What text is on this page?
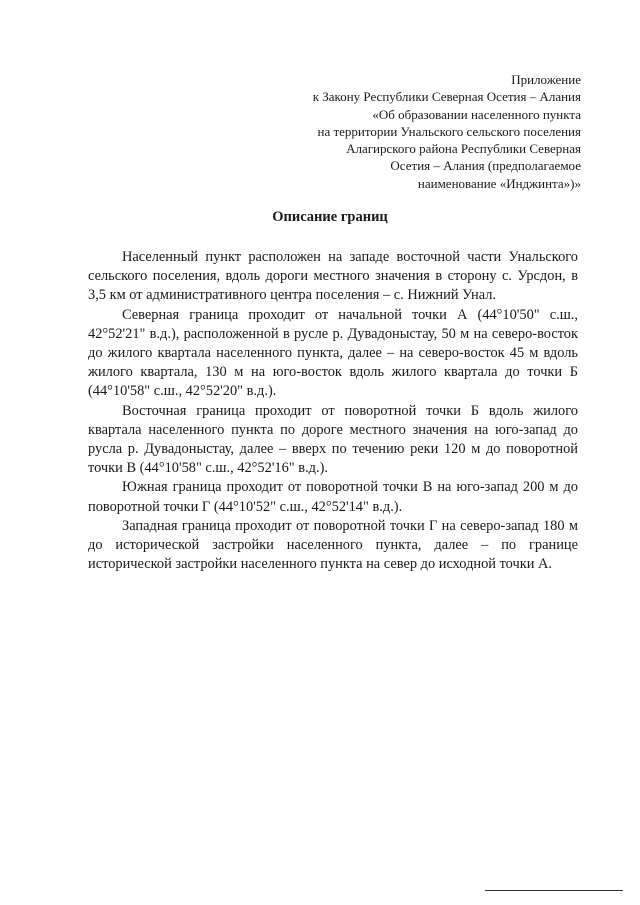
Приложение
к Закону Республики Северная Осетия – Алания
«Об образовании населенного пункта
на территории Унальского сельского поселения
Алагирского района Республики Северная
Осетия – Алания (предполагаемое
наименование «Инджинта»)»
Описание границ

Населенный пункт расположен на западе восточной части Унальского сельского поселения, вдоль дороги местного значения в сторону с. Урсдон, в 3,5 км от административного центра поселения – с. Нижний Унал.

Северная граница проходит от начальной точки А (44°10'50" с.ш., 42°52'21" в.д.), расположенной в русле р. Дувадоныстау, 50 м на северо-восток до жилого квартала населенного пункта, далее – на северо-восток 45 м вдоль жилого квартала, 130 м на юго-восток вдоль жилого квартала до точки Б (44°10'58" с.ш., 42°52'20" в.д.).

Восточная граница проходит от поворотной точки Б вдоль жилого квартала населенного пункта по дороге местного значения на юго-запад до русла р. Дувадоныстау, далее – вверх по течению реки 120 м до поворотной точки В (44°10'58" с.ш., 42°52'16" в.д.).

Южная граница проходит от поворотной точки В на юго-запад 200 м до поворотной точки Г (44°10'52" с.ш., 42°52'14" в.д.).

Западная граница проходит от поворотной точки Г на северо-запад 180 м до исторической застройки населенного пункта, далее – по границе исторической застройки населенного пункта на север до исходной точки А.
